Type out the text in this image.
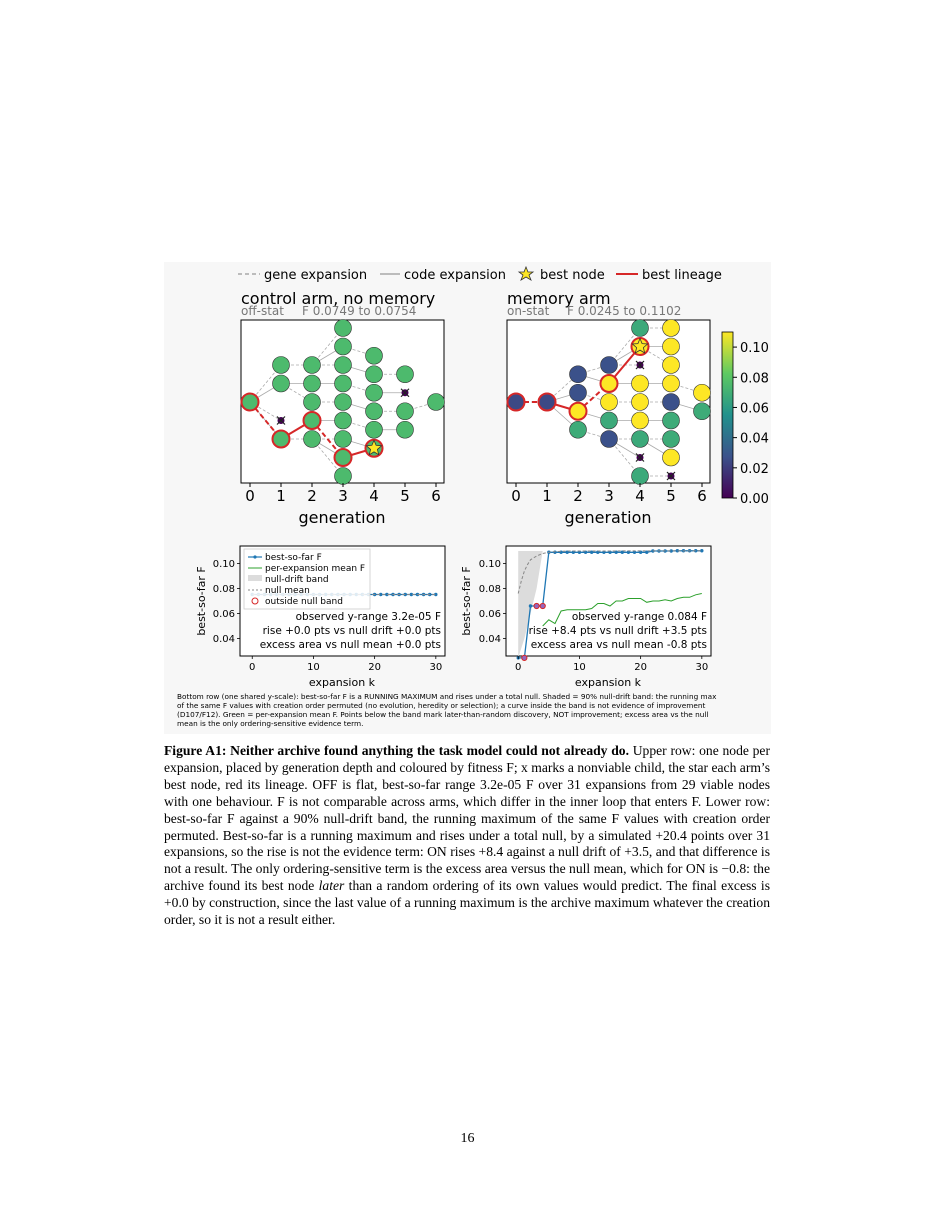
gene expansion	code expansion	best node	best lineage
control arm, no memory
off-stat F 0.0749 to 0.0754
memory arm
on-stat F 0.0245 to 0.1102
0 1 2 3 4 5 6	0 1 2 3 4 5 6
generation	generation
0.00
0.02
0.04
0.06
0.08
0.10
0	10	20	30
0.04
0.06
0.08
0.10
0	10	20	30
0.04
0.06
0.08
0.10
best-so-far F	best-so-far F
expansion k	expansion k
best-so-far F
per-expansion mean F
null-drift band
null mean
outside null band
observed y-range 3.2e-05 F
rise +0.0 pts vs null drift +0.0 pts
excess area vs null mean +0.0 pts
observed y-range 0.084 F
rise +8.4 pts vs null drift +3.5 pts
excess area vs null mean -0.8 pts
Bottom row (one shared y-scale): best-so-far F is a RUNNING MAXIMUM and rises under a total null. Shaded = 90% null-drift band: the running max
of the same F values with creation order permuted (no evolution, heredity or selection); a curve inside the band is not evidence of improvement
(D107/F12). Green = per-expansion mean F. Points below the band mark later-than-random discovery, NOT improvement; excess area vs the null
mean is the only ordering-sensitive evidence term.
Figure A1: Neither archive found anything the task model could not already do. Upper row: one node per expansion, placed by generation depth and coloured by fitness F; x marks a nonviable child, the star each arm’s best node, red its lineage. OFF is flat, best-so-far range 3.2e-05 F over 31 expansions from 29 viable nodes with one behaviour. F is not comparable across arms, which differ in the inner loop that enters F. Lower row: best-so-far F against a 90% null-drift band, the running maximum of the same F values with creation order permuted. Best-so-far is a running maximum and rises under a total null, by a simulated +20.4 points over 31 expansions, so the rise is not the evidence term: ON rises +8.4 against a null drift of +3.5, and that difference is not a result. The only ordering-sensitive term is the excess area versus the null mean, which for ON is −0.8: the archive found its best node later than a random ordering of its own values would predict. The final excess is +0.0 by construction, since the last value of a running maximum is the archive maximum whatever the creation order, so it is not a result either.
16
